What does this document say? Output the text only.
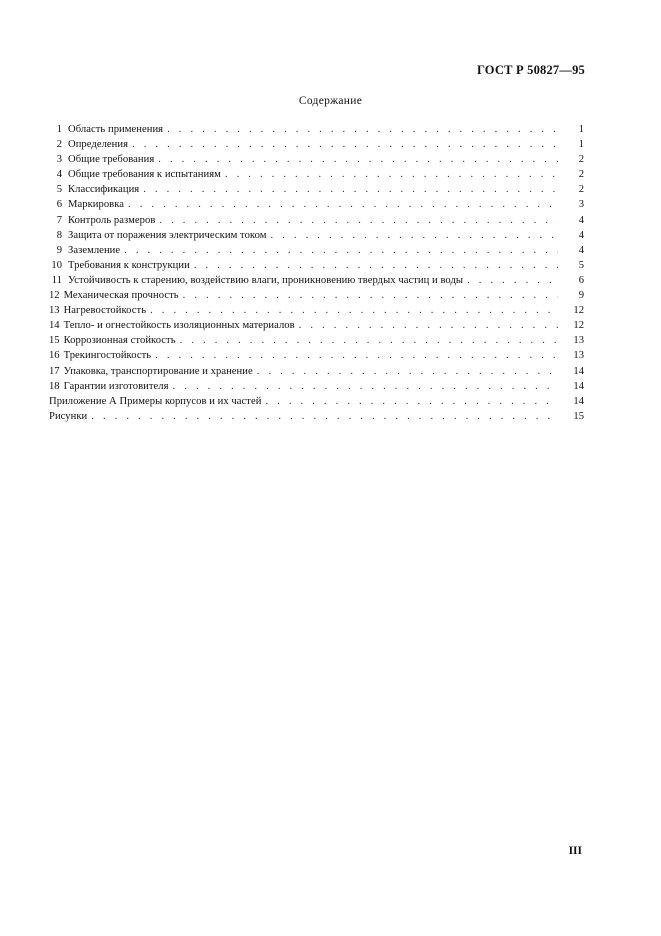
ГОСТ Р 50827—95
Содержание
1 Область применения . . .	1
2 Определения . . .	1
3 Общие требования . . .	2
4 Общие требования к испытаниям . . .	2
5 Классификация . . .	2
6 Маркировка . . .	3
7 Контроль размеров . . .	4
8 Защита от поражения электрическим током . . .	4
9 Заземление . . .	4
10 Требования к конструкции . . .	5
11 Устойчивость к старению, воздействию влаги, проникновению твердых частиц и воды . . .	6
12 Механическая прочность . . .	9
13 Нагревостойкость . . .	12
14 Тепло- и огнестойкость изоляционных материалов . . .	12
15 Коррозионная стойкость . . .	13
16 Трекингостойкость . . .	13
17 Упаковка, транспортирование и хранение . . .	14
18 Гарантии изготовителя . . .	14
Приложение А Примеры корпусов и их частей . . .	14
Рисунки . . .	15
III
